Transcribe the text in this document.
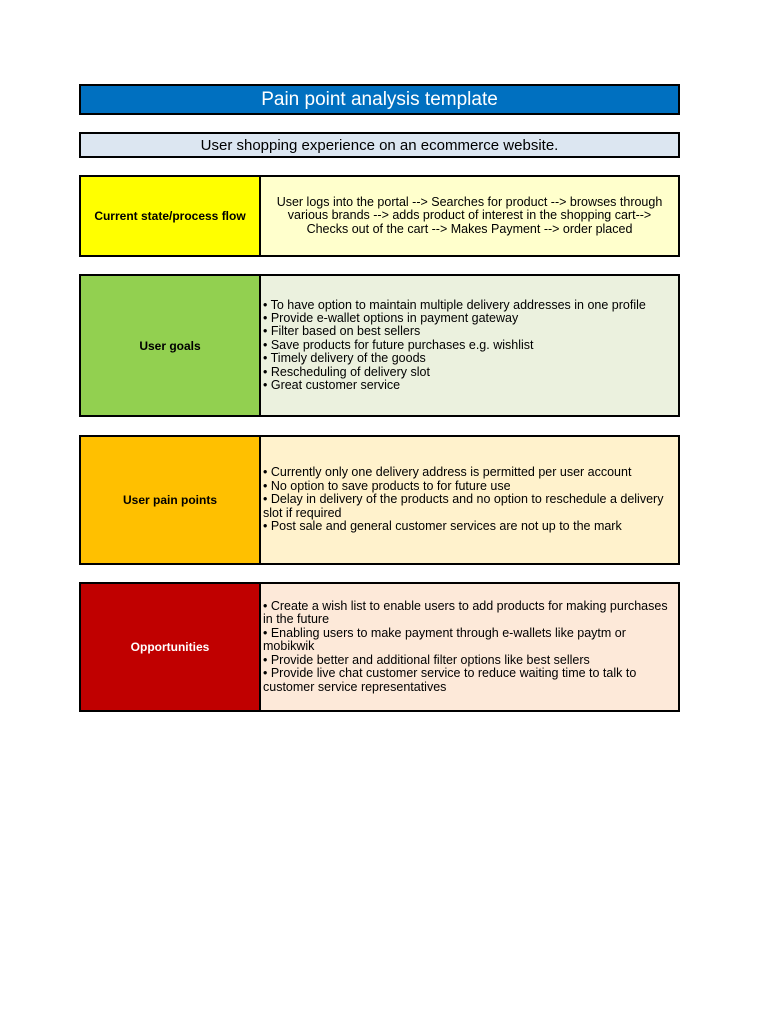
Pain point analysis template
User shopping experience on an ecommerce website.
Current state/process flow
User logs into the portal --> Searches for product --> browses through various brands --> adds product of interest in the shopping cart--> Checks out of the cart --> Makes Payment --> order placed
User goals
• To have option to maintain multiple delivery addresses in one profile
• Provide e-wallet options in payment gateway
• Filter based on best sellers
• Save products for future purchases e.g. wishlist
• Timely delivery of the goods
• Rescheduling of delivery slot
• Great customer service
User pain points
• Currently only one delivery address is permitted per user account
• No option to save products to for future use
• Delay in delivery of the products and no option to reschedule a delivery slot if required
• Post sale and general customer services are not up to the mark
Opportunities
• Create a wish list to enable users to add products for making purchases in the future
• Enabling users to make payment through e-wallets like paytm or mobikwik
• Provide better and additional filter options like best sellers
• Provide live chat customer service to reduce waiting time to talk to customer service representatives
